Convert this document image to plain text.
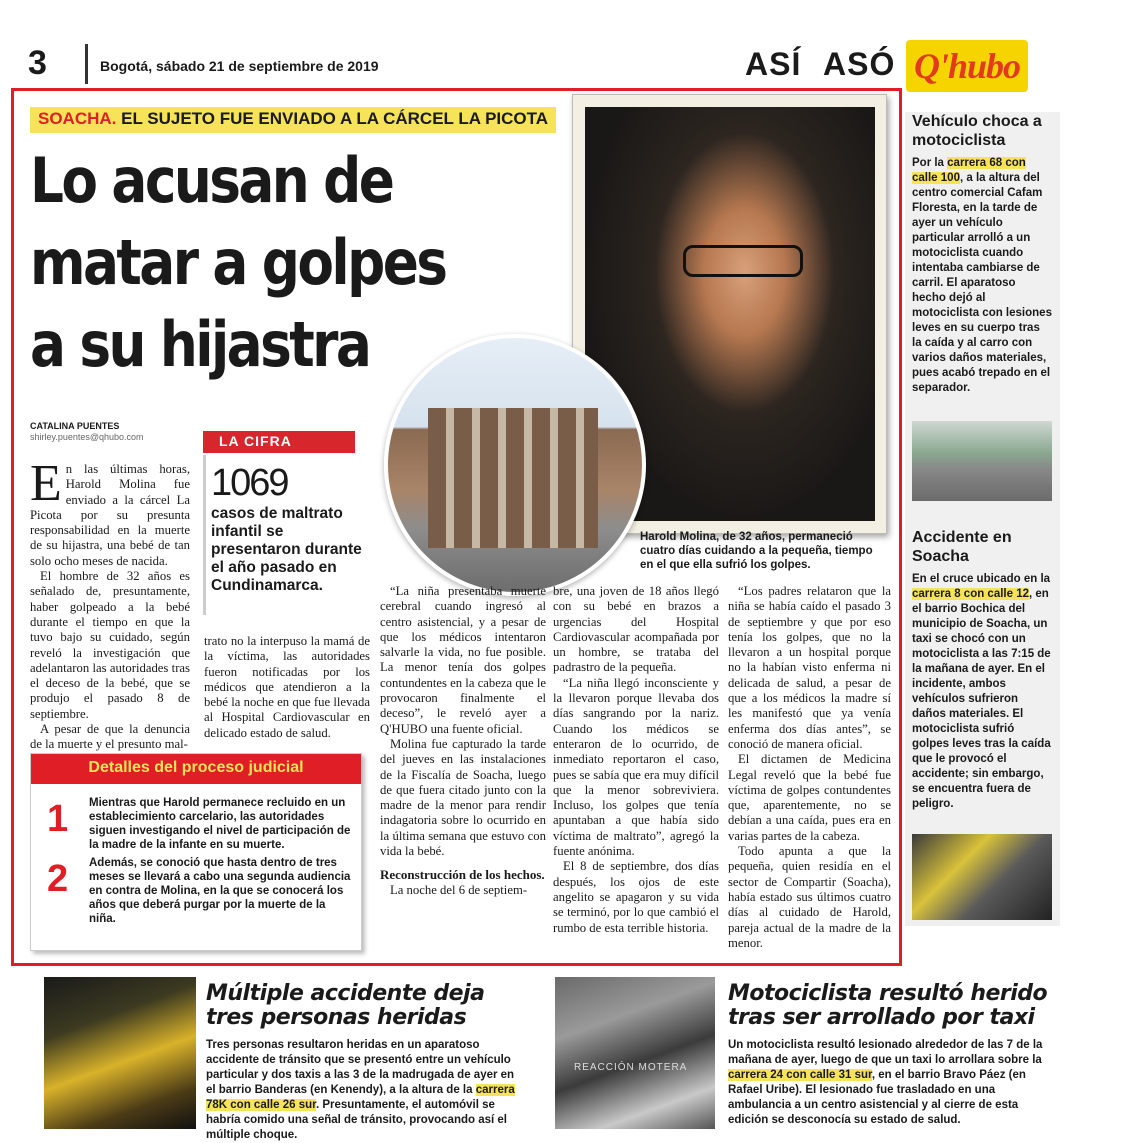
3	Bogotá, sábado 21 de septiembre de 2019	ASÍ ASÓ Q'hubo
SOACHA. EL SUJETO FUE ENVIADO A LA CÁRCEL LA PICOTA
Lo acusan de
matar a golpes
a su hijastra
Harold Molina, de 32 años, permaneció cuatro días cuidando a la pequeña, tiempo en el que ella sufrió los golpes.
CATALINA PUENTES
shirley.puentes@qhubo.com	LA CIFRA
1069
casos de maltrato infantil se presentaron durante el año pasado en Cundinamarca.

En las últimas horas, Harold Molina fue enviado a la cárcel La Picota por su presunta responsabilidad en la muerte de su hijastra, una bebé de tan solo ocho meses de nacida.

El hombre de 32 años es señalado de, presuntamente, haber golpeado a la bebé durante el tiempo en que la tuvo bajo su cuidado, según reveló la investigación que adelantaron las autoridades tras el deceso de la bebé, que se produjo el pasado 8 de septiembre.

A pesar de que la denuncia de la muerte y el presunto mal-

trato no la interpuso la mamá de la víctima, las autoridades fueron notificadas por los médicos que atendieron a la bebé la noche en que fue llevada al Hospital Cardiovascular en delicado estado de salud.

“La niña presentaba muerte cerebral cuando ingresó al centro asistencial, y a pesar de que los médicos intentaron salvarle la vida, no fue posible. La menor tenía dos golpes contundentes en la cabeza que le provocaron finalmente el deceso”, le reveló ayer a Q'HUBO una fuente oficial.

Molina fue capturado la tarde del jueves en las instalaciones de la Fiscalía de Soacha, luego de que fuera citado junto con la madre de la menor para rendir indagatoria sobre lo ocurrido en la última semana que estuvo con vida la bebé.

Reconstrucción de los hechos.

La noche del 6 de septiem-

bre, una joven de 18 años llegó con su bebé en brazos a urgencias del Hospital Cardiovascular acompañada por un hombre, se trataba del padrastro de la pequeña.

“La niña llegó inconsciente y la llevaron porque llevaba dos días sangrando por la nariz. Cuando los médicos se enteraron de lo ocurrido, de inmediato reportaron el caso, pues se sabía que era muy difícil que la menor sobreviviera. Incluso, los golpes que tenía apuntaban a que había sido víctima de maltrato”, agregó la fuente anónima.

El 8 de septiembre, dos días después, los ojos de este angelito se apagaron y su vida se terminó, por lo que cambió el rumbo de esta terrible historia.

“Los padres relataron que la niña se había caído el pasado 3 de septiembre y que por eso tenía los golpes, que no la llevaron a un hospital porque no la habían visto enferma ni delicada de salud, a pesar de que a los médicos la madre sí les manifestó que ya venía enferma dos días antes”, se conoció de manera oficial.

El dictamen de Medicina Legal reveló que la bebé fue víctima de golpes contundentes que, aparentemente, no se debían a una caída, pues era en varias partes de la cabeza.

Todo apunta a que la pequeña, quien residía en el sector de Compartir (Soacha), había estado sus últimos cuatro días al cuidado de Harold, pareja actual de la madre de la menor.

Detalles del proceso judicial
1 Mientras que Harold permanece recluido en un establecimiento carcelario, las autoridades siguen investigando el nivel de participación de la madre de la infante en su muerte.
2 Además, se conoció que hasta dentro de tres meses se llevará a cabo una segunda audiencia en contra de Molina, en la que se conocerá los años que deberá purgar por la muerte de la niña.
Vehículo choca a motociclista
Por la carrera 68 con calle 100, a la altura del centro comercial Cafam Floresta, en la tarde de ayer un vehículo particular arrolló a un motociclista cuando intentaba cambiarse de carril. El aparatoso hecho dejó al motociclista con lesiones leves en su cuerpo tras la caída y al carro con varios daños materiales, pues acabó trepado en el separador.
Accidente en Soacha
En el cruce ubicado en la carrera 8 con calle 12, en el barrio Bochica del municipio de Soacha, un taxi se chocó con un motociclista a las 7:15 de la mañana de ayer. En el incidente, ambos vehículos sufrieron daños materiales. El motociclista sufrió golpes leves tras la caída que le provocó el accidente; sin embargo, se encuentra fuera de peligro.
Múltiple accidente deja tres personas heridas
Tres personas resultaron heridas en un aparatoso accidente de tránsito que se presentó entre un vehículo particular y dos taxis a las 3 de la madrugada de ayer en el barrio Banderas (en Kenendy), a la altura de la carrera 78K con calle 26 sur. Presuntamente, el automóvil se habría comido una señal de tránsito, provocando así el múltiple choque.
REACCIÓN MOTERA
Motociclista resultó herido tras ser arrollado por taxi
Un motociclista resultó lesionado alrededor de las 7 de la mañana de ayer, luego de que un taxi lo arrollara sobre la carrera 24 con calle 31 sur, en el barrio Bravo Páez (en Rafael Uribe). El lesionado fue trasladado en una ambulancia a un centro asistencial y al cierre de esta edición se desconocía su estado de salud.
